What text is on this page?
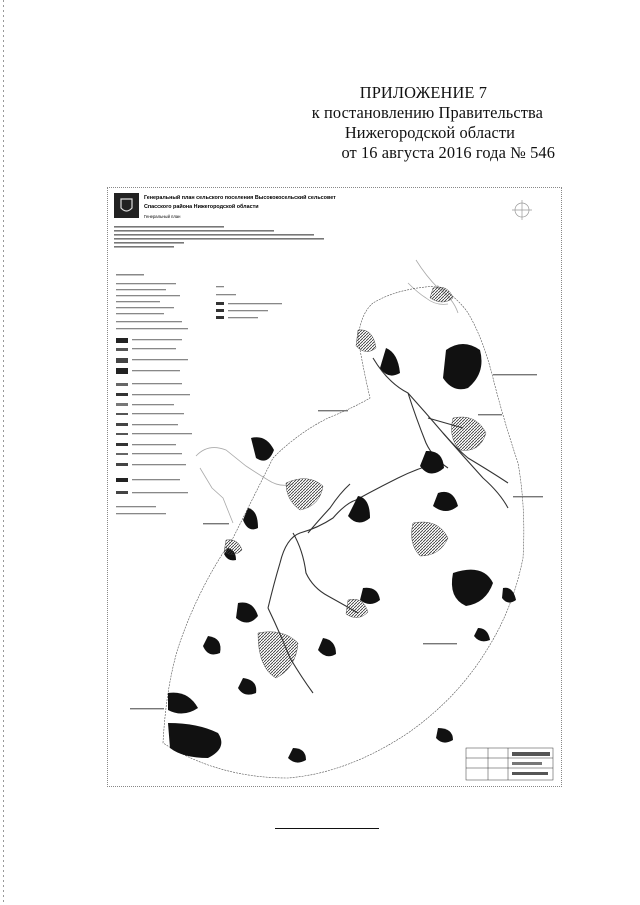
ПРИЛОЖЕНИЕ 7
к постановлению Правительства
Нижегородской области
от 16 августа 2016 года № 546
Генеральный план сельского поселения Высококосельский сельсовет
Спасского района Нижегородской области
Генеральный план
